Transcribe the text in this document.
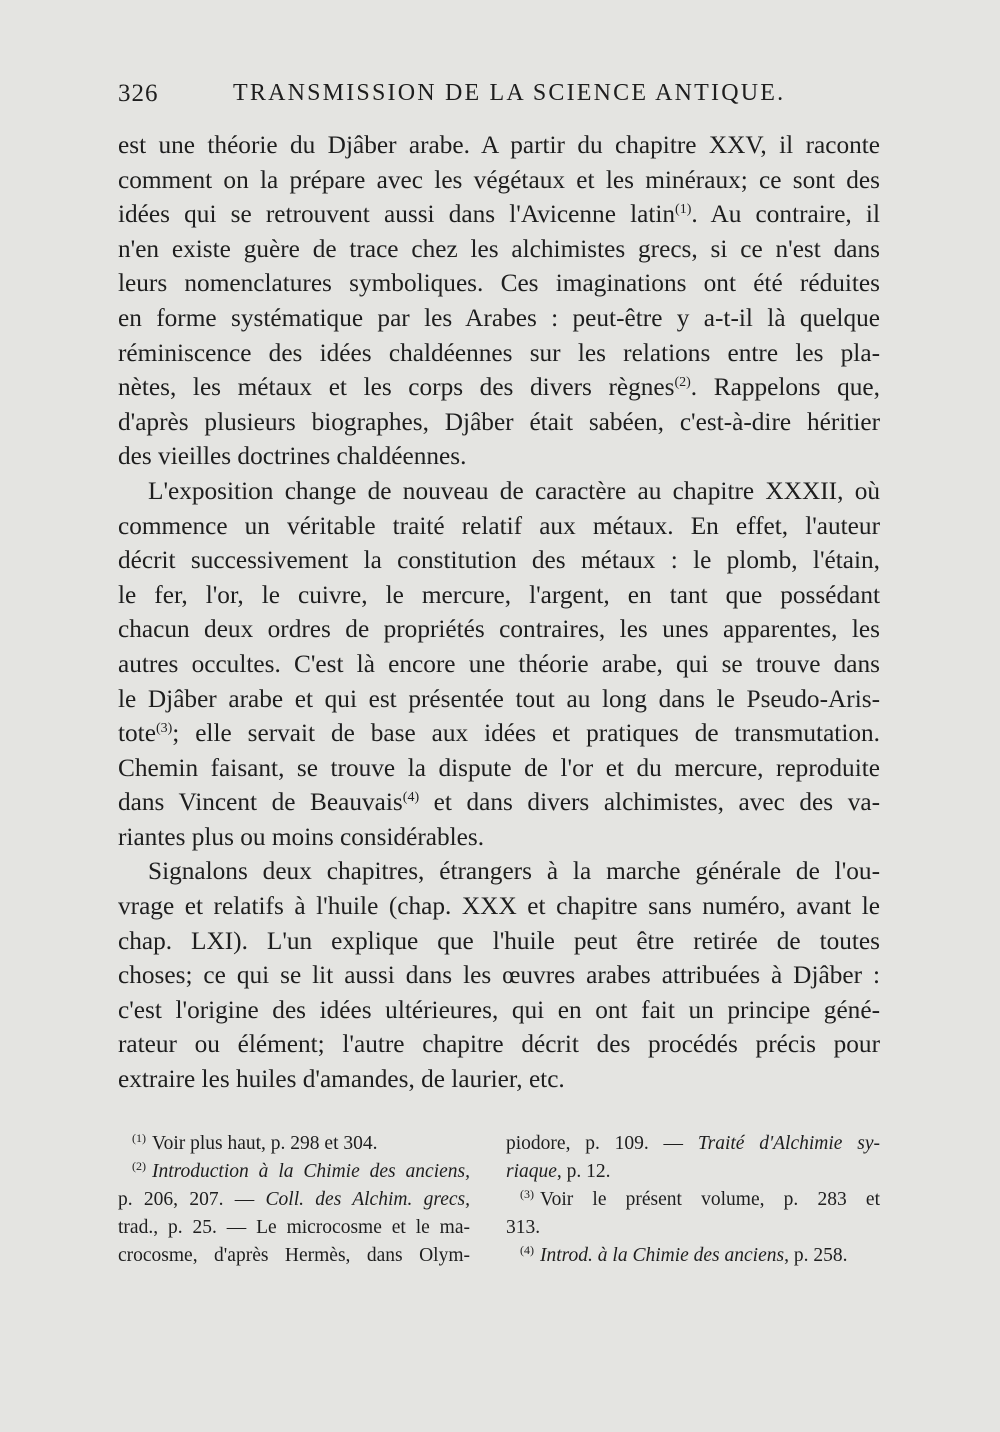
326	TRANSMISSION DE LA SCIENCE ANTIQUE.
est une théorie du Djâber arabe. A partir du chapitre XXV, il raconte
comment on la prépare avec les végétaux et les minéraux; ce sont des
idées qui se retrouvent aussi dans l'Avicenne latin$^{(1)}$. Au contraire, il
n'en existe guère de trace chez les alchimistes grecs, si ce n'est dans
leurs nomenclatures symboliques. Ces imaginations ont été réduites
en forme systématique par les Arabes : peut-être y a-t-il là quelque
réminiscence des idées chaldéennes sur les relations entre les pla-
nètes, les métaux et les corps des divers règnes$^{(2)}$. Rappelons que,
d'après plusieurs biographes, Djâber était sabéen, c'est-à-dire héritier
des vieilles doctrines chaldéennes.
L'exposition change de nouveau de caractère au chapitre XXXII, où
commence un véritable traité relatif aux métaux. En effet, l'auteur
décrit successivement la constitution des métaux : le plomb, l'étain,
le fer, l'or, le cuivre, le mercure, l'argent, en tant que possédant
chacun deux ordres de propriétés contraires, les unes apparentes, les
autres occultes. C'est là encore une théorie arabe, qui se trouve dans
le Djâber arabe et qui est présentée tout au long dans le Pseudo-Aris-
tote$^{(3)}$; elle servait de base aux idées et pratiques de transmutation.
Chemin faisant, se trouve la dispute de l'or et du mercure, reproduite
dans Vincent de Beauvais$^{(4)}$ et dans divers alchimistes, avec des va-
riantes plus ou moins considérables.
Signalons deux chapitres, étrangers à la marche générale de l'ou-
vrage et relatifs à l'huile (chap. XXX et chapitre sans numéro, avant le
chap. LXI). L'un explique que l'huile peut être retirée de toutes
choses; ce qui se lit aussi dans les œuvres arabes attribuées à Djâber :
c'est l'origine des idées ultérieures, qui en ont fait un principe géné-
rateur ou élément; l'autre chapitre décrit des procédés précis pour
extraire les huiles d'amandes, de laurier, etc.
$^{(1)}$ Voir plus haut, p. 298 et 304.
$^{(2)}$ Introduction à la Chimie des anciens,
p. 206, 207. — Coll. des Alchim. grecs,
trad., p. 25. — Le microcosme et le ma-
crocosme, d'après Hermès, dans Olym-
piodore, p. 109. — Traité d'Alchimie sy-
riaque, p. 12.
$^{(3)}$ Voir le présent volume, p. 283 et
313.
$^{(4)}$ Introd. à la Chimie des anciens, p. 258.
